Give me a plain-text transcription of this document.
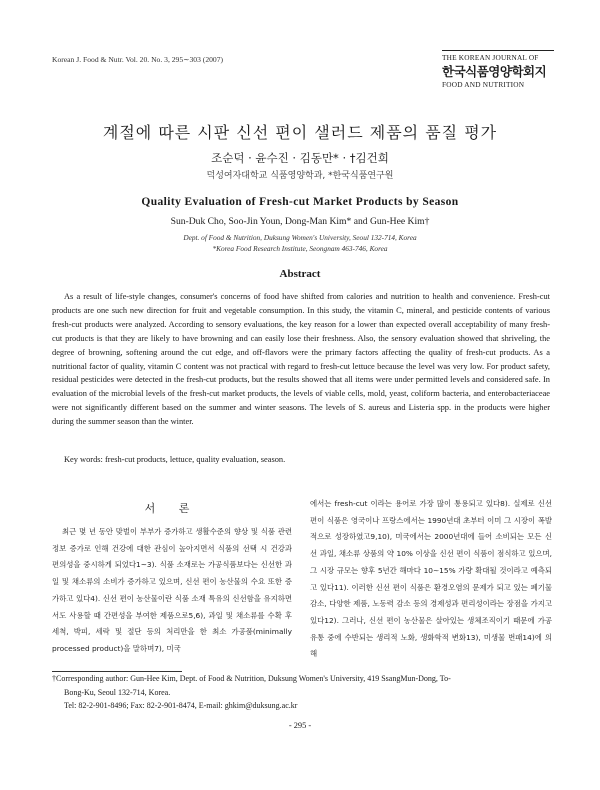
Korean J. Food & Nutr. Vol. 20. No. 3, 295∼303 (2007)	THE KOREAN JOURNAL OF
한국식품영양학회지
FOOD AND NUTRITION
계절에 따른 시판 신선 편이 샐러드 제품의 품질 평가
조순덕 · 윤수진 · 김동만* · †김건희
덕성여자대학교 식품영양학과, *한국식품연구원
Quality Evaluation of Fresh-cut Market Products by Season
Sun-Duk Cho, Soo-Jin Youn, Dong-Man Kim* and Gun-Hee Kim†
Dept. of Food & Nutrition, Duksung Women's University, Seoul 132-714, Korea
*Korea Food Research Institute, Seongnam 463-746, Korea
Abstract
As a result of life-style changes, consumer's concerns of food have shifted from calories and nutrition to health and convenience. Fresh-cut products are one such new direction for fruit and vegetable consumption. In this study, the vitamin C, mineral, and pesticide contents of various fresh-cut products were analyzed. According to sensory evaluations, the key reason for a lower than expected overall acceptability of many fresh-cut products is that they are likely to have browning and can easily lose their freshness. Also, the sensory evaluation showed that shriveling, the degree of browning, softening around the cut edge, and off-flavors were the primary factors affecting the quality of fresh-cut products. As a nutritional factor of quality, vitamin C content was not practical with regard to fresh-cut lettuce because the level was very low. For product safety, residual pesticides were detected in the fresh-cut products, but the results showed that all items were under permitted levels and considered safe. In evaluation of the microbial levels of the fresh-cut market products, the levels of viable cells, mold, yeast, coliform bacteria, and enterobacteriaceae were not significantly different based on the summer and winter seasons. The levels of S. aureus and Listeria spp. in the products were higher during the summer season than the winter.
Key words: fresh-cut products, lettuce, quality evaluation, season.
서 론
최근 몇 년 동안 맞벌이 부부가 증가하고 생활수준의 향상 및 식품 관련 정보 증가로 인해 건강에 대한 관심이 높아지면서 식품의 선택 시 건강과 편의성을 중시하게 되었다1~3). 식품 소재로는 가공식품보다는 신선한 과일 및 채소류의 소비가 증가하고 있으며, 신선 편이 농산물의 수요 또한 증가하고 있다4). 신선 편이 농산물이란 식품 소재 특유의 신선함을 유지하면서도 사용할 때 간편성을 부여한 제품으로5,6), 과일 및 채소류를 수확 후 세척, 박피, 세락 및 절단 등의 처리만을 한 최소 가공품(minimally processed product)을 말하며7), 미국
에서는 fresh-cut 이라는 용어로 가장 많이 통용되고 있다8). 실제로 신선 편이 식품은 영국이나 프랑스에서는 1990년대 초부터 이미 그 시장이 폭발적으로 성장하였고9,10), 미국에서는 2000년대에 들어 소비되는 모든 신선 과일, 채소류 상품의 약 10% 이상을 신선 편이 식품이 점식하고 있으며, 그 시장 규모는 향후 5년간 해마다 10∼15% 가량 확대될 것이라고 예측되고 있다11). 이러한 신선 편이 식품은 환경오염의 문제가 되고 있는 폐기물 감소, 다양한 제품, 노동력 감소 등의 경제성과 편리성이라는 장점을 가지고 있다12). 그러나, 신선 편이 농산물은 살아있는 생체조직이기 때문에 가공 유통 중에 수반되는 생리적 노화, 생화학적 변화13), 미생물 번패14)에 의해
†Corresponding author: Gun-Hee Kim, Dept. of Food & Nutrition, Duksung Women's University, 419 SsangMun-Dong, To-
Bong-Ku, Seoul 132-714, Korea.
Tel: 82-2-901-8496; Fax: 82-2-901-8474, E-mail: ghkim@duksung.ac.kr
- 295 -
